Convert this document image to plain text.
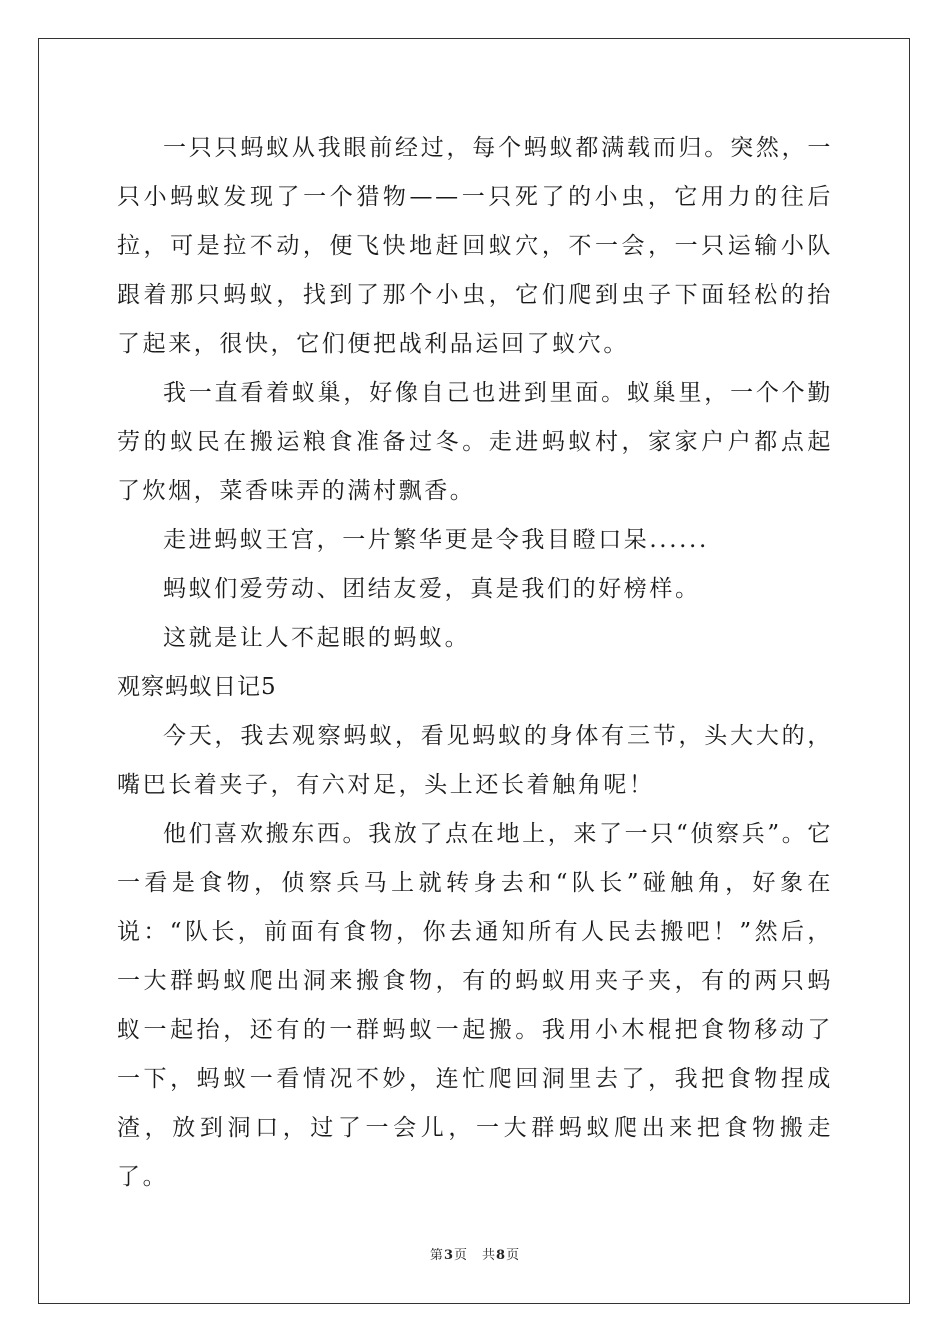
一只只蚂蚁从我眼前经过，每个蚂蚁都满载而归。突然，一只小蚂蚁发现了一个猎物——一只死了的小虫，它用力的往后拉，可是拉不动，便飞快地赶回蚁穴，不一会，一只运输小队跟着那只蚂蚁，找到了那个小虫，它们爬到虫子下面轻松的抬了起来，很快，它们便把战利品运回了蚁穴。

我一直看着蚁巢，好像自己也进到里面。蚁巢里，一个个勤劳的蚁民在搬运粮食准备过冬。走进蚂蚁村，家家户户都点起了炊烟，菜香味弄的满村飘香。

走进蚂蚁王宫，一片繁华更是令我目瞪口呆......

蚂蚁们爱劳动、团结友爱，真是我们的好榜样。

这就是让人不起眼的蚂蚁。

观察蚂蚁日记5

今天，我去观察蚂蚁，看见蚂蚁的身体有三节，头大大的，嘴巴长着夹子，有六对足，头上还长着触角呢！

他们喜欢搬东西。我放了点在地上，来了一只“侦察兵”。它一看是食物，侦察兵马上就转身去和“队长”碰触角，好象在说：“队长，前面有食物，你去通知所有人民去搬吧！”然后，一大群蚂蚁爬出洞来搬食物，有的蚂蚁用夹子夹，有的两只蚂蚁一起抬，还有的一群蚂蚁一起搬。我用小木棍把食物移动了一下，蚂蚁一看情况不妙，连忙爬回洞里去了，我把食物捏成渣，放到洞口，过了一会儿，一大群蚂蚁爬出来把食物搬走了。

第3页 共8页
